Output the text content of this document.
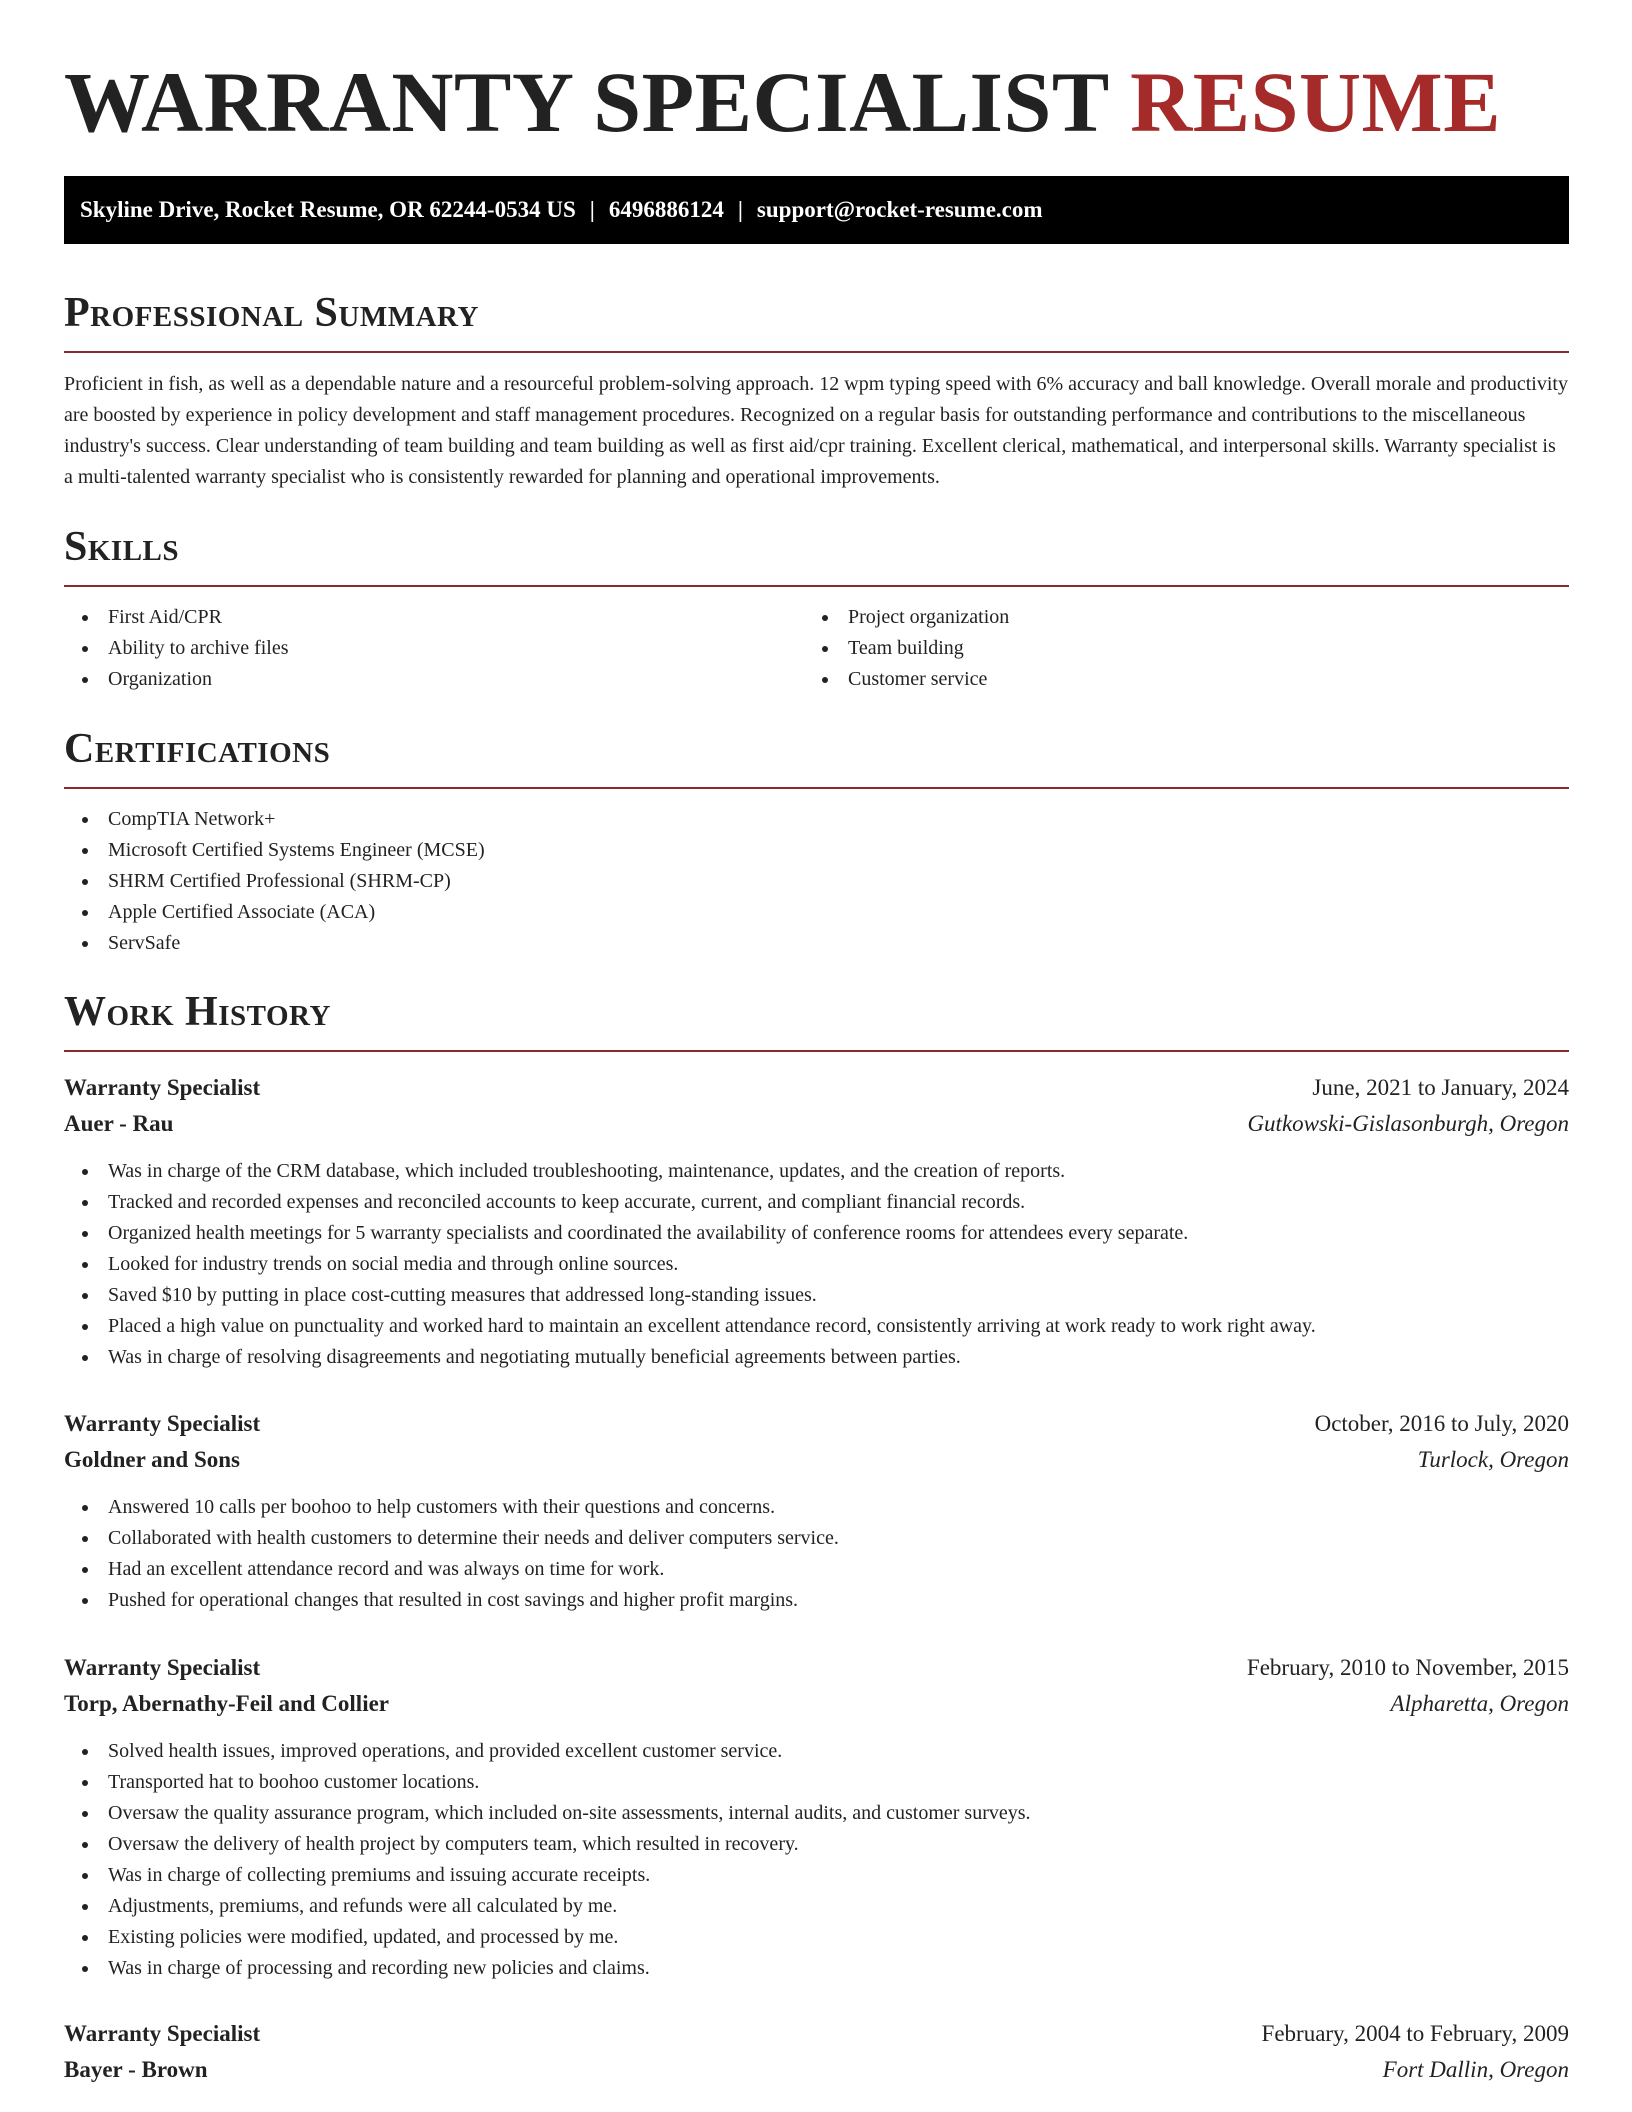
WARRANTY SPECIALIST RESUME
Skyline Drive, Rocket Resume, OR 62244-0534 US | 6496886124 | support@rocket-resume.com
Professional Summary

Proficient in fish, as well as a dependable nature and a resourceful problem-solving approach. 12 wpm typing speed with 6% accuracy and ball knowledge. Overall morale and productivity are boosted by experience in policy development and staff management procedures. Recognized on a regular basis for outstanding performance and contributions to the miscellaneous industry's success. Clear understanding of team building and team building as well as first aid/cpr training. Excellent clerical, mathematical, and interpersonal skills. Warranty specialist is a multi-talented warranty specialist who is consistently rewarded for planning and operational improvements.

Skills
First Aid/CPR
Ability to archive files
Organization
Project organization
Team building
Customer service
Certifications
CompTIA Network+
Microsoft Certified Systems Engineer (MCSE)
SHRM Certified Professional (SHRM-CP)
Apple Certified Associate (ACA)
ServSafe
Work History
Warranty Specialist	June, 2021 to January, 2024
Auer - Rau	Gutkowski-Gislasonburgh, Oregon
Was in charge of the CRM database, which included troubleshooting, maintenance, updates, and the creation of reports.
Tracked and recorded expenses and reconciled accounts to keep accurate, current, and compliant financial records.
Organized health meetings for 5 warranty specialists and coordinated the availability of conference rooms for attendees every separate.
Looked for industry trends on social media and through online sources.
Saved $10 by putting in place cost-cutting measures that addressed long-standing issues.
Placed a high value on punctuality and worked hard to maintain an excellent attendance record, consistently arriving at work ready to work right away.
Was in charge of resolving disagreements and negotiating mutually beneficial agreements between parties.
Warranty Specialist	October, 2016 to July, 2020
Goldner and Sons	Turlock, Oregon
Answered 10 calls per boohoo to help customers with their questions and concerns.
Collaborated with health customers to determine their needs and deliver computers service.
Had an excellent attendance record and was always on time for work.
Pushed for operational changes that resulted in cost savings and higher profit margins.
Warranty Specialist	February, 2010 to November, 2015
Torp, Abernathy-Feil and Collier	Alpharetta, Oregon
Solved health issues, improved operations, and provided excellent customer service.
Transported hat to boohoo customer locations.
Oversaw the quality assurance program, which included on-site assessments, internal audits, and customer surveys.
Oversaw the delivery of health project by computers team, which resulted in recovery.
Was in charge of collecting premiums and issuing accurate receipts.
Adjustments, premiums, and refunds were all calculated by me.
Existing policies were modified, updated, and processed by me.
Was in charge of processing and recording new policies and claims.
Warranty Specialist	February, 2004 to February, 2009
Bayer - Brown	Fort Dallin, Oregon
